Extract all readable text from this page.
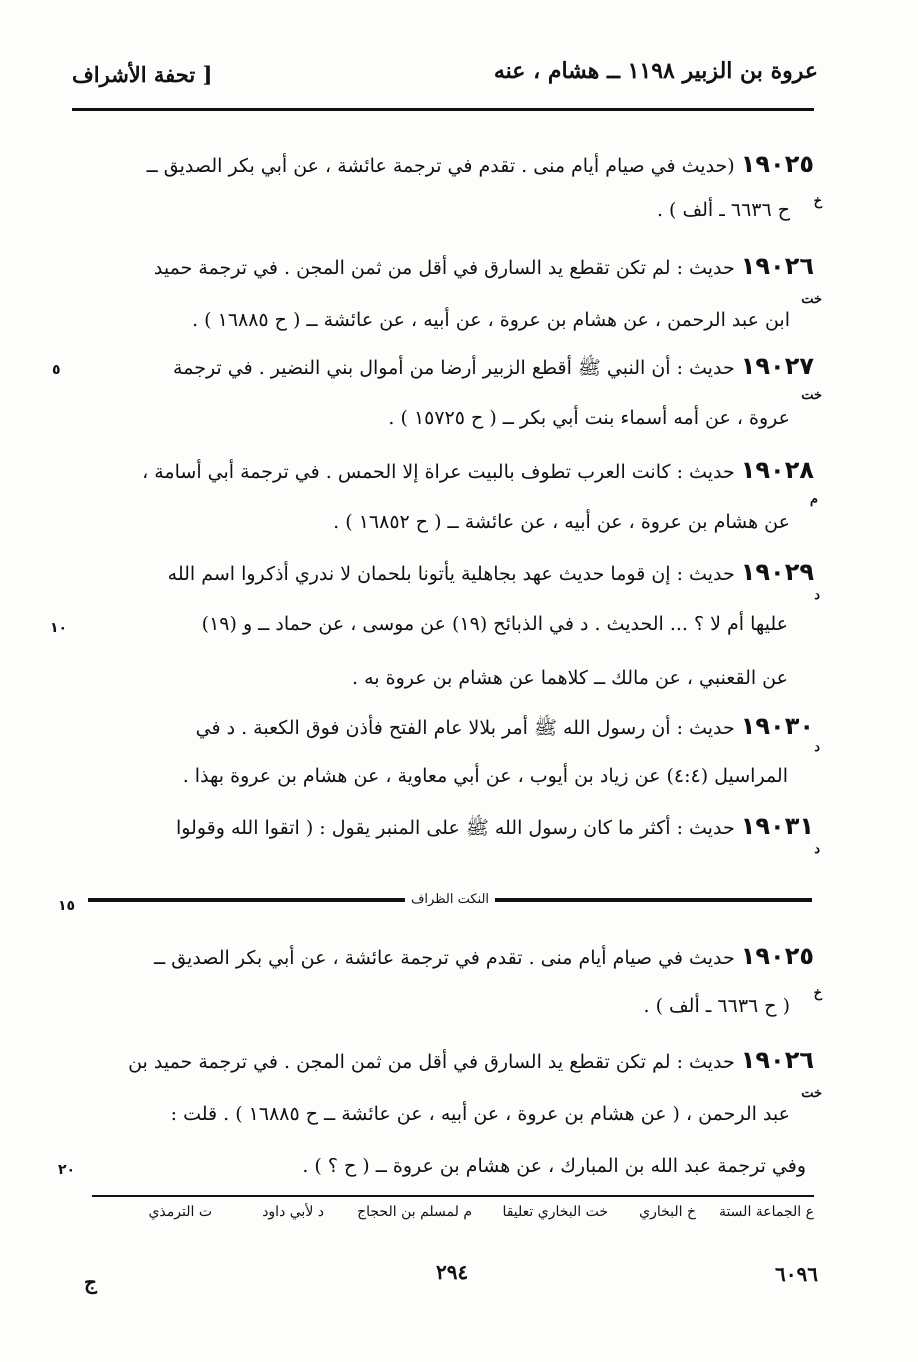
عروة بن الزبير ١١٩٨ ــ هشام ، عنه
[ تحفة الأشراف
١٩٠٢٥ (حديث في صيام أيام منى . تقدم في ترجمة عائشة ، عن أبي بكر الصديق ــ
خ
ح ٦٦٣٦ ـ ألف ) .
١٩٠٢٦ حديث : لم تكن تقطع يد السارق في أقل من ثمن المجن . في ترجمة حميد
خت
ابن عبد الرحمن ، عن هشام بن عروة ، عن أبيه ، عن عائشة ــ ( ح ١٦٨٨٥ ) .
١٩٠٢٧ حديث : أن النبي ﷺ أقطع الزبير أرضا من أموال بني النضير . في ترجمة
٥
خت
عروة ، عن أمه أسماء بنت أبي بكر ــ ( ح ١٥٧٢٥ ) .
١٩٠٢٨ حديث : كانت العرب تطوف بالبيت عراة إلا الحمس . في ترجمة أبي أسامة ،
م
عن هشام بن عروة ، عن أبيه ، عن عائشة ــ ( ح ١٦٨٥٢ ) .
١٩٠٢٩ حديث : إن قوما حديث عهد بجاهلية يأتونا بلحمان لا ندري أذكروا اسم الله
د
عليها أم لا ؟ ... الحديث . د في الذبائح (١٩) عن موسى ، عن حماد ــ و (١٩)
١٠
عن القعنبي ، عن مالك ــ كلاهما عن هشام بن عروة به .
١٩٠٣٠ حديث : أن رسول الله ﷺ أمر بلالا عام الفتح فأذن فوق الكعبة . د في
د
المراسيل (٤:٤) عن زياد بن أيوب ، عن أبي معاوية ، عن هشام بن عروة بهذا .
١٩٠٣١ حديث : أكثر ما كان رسول الله ﷺ على المنبر يقول : ( اتقوا الله وقولوا
د
١٥	النكت الظراف
١٩٠٢٥ حديث في صيام أيام منى . تقدم في ترجمة عائشة ، عن أبي بكر الصديق ــ
خ
( ح ٦٦٣٦ ـ ألف ) .
١٩٠٢٦ حديث : لم تكن تقطع يد السارق في أقل من ثمن المجن . في ترجمة حميد بن
خت
عبد الرحمن ، ( عن هشام بن عروة ، عن أبيه ، عن عائشة ــ ح ١٦٨٨٥ ) . قلت :
وفي ترجمة عبد الله بن المبارك ، عن هشام بن عروة ــ ( ح ؟ ) .
٢٠
ع الجماعة الستة
خ البخاري
خت البخاري تعليقا
م لمسلم بن الحجاج
د لأبي داود
ت الترمذي
٦٠٩٦
٢٩٤
ج
